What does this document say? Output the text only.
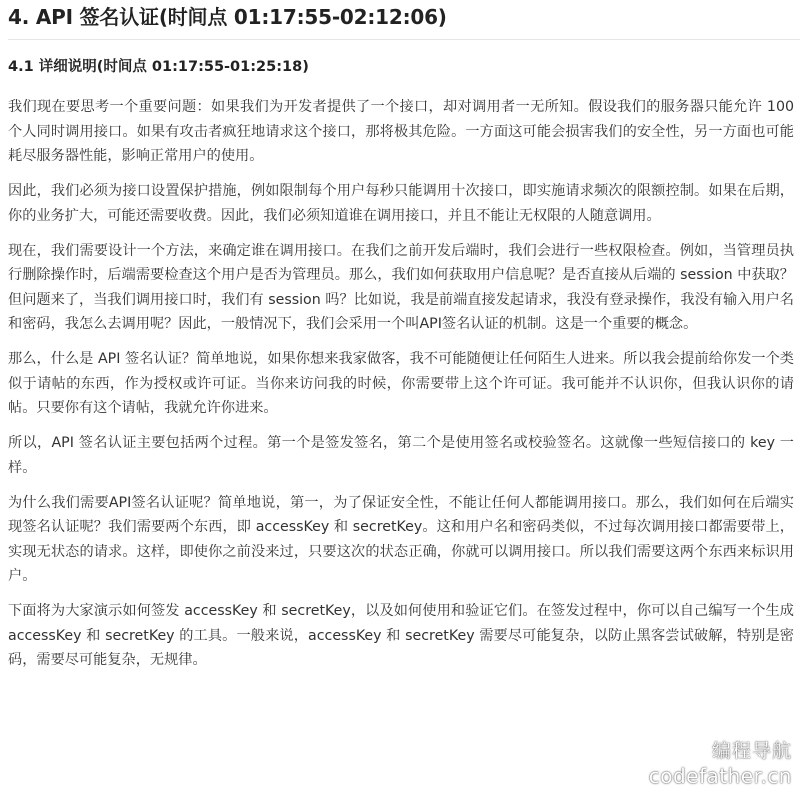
4. API 签名认证(时间点 01:17:55-02:12:06)
4.1 详细说明(时间点 01:17:55-01:25:18)

我们现在要思考一个重要问题：如果我们为开发者提供了一个接口，却对调用者一无所知。假设我们的服务器只能允许 100 个人同时调用接口。如果有攻击者疯狂地请求这个接口，那将极其危险。一方面这可能会损害我们的安全性，另一方面也可能耗尽服务器性能，影响正常用户的使用。

因此，我们必须为接口设置保护措施，例如限制每个用户每秒只能调用十次接口，即实施请求频次的限额控制。如果在后期，你的业务扩大，可能还需要收费。因此，我们必须知道谁在调用接口，并且不能让无权限的人随意调用。

现在，我们需要设计一个方法，来确定谁在调用接口。在我们之前开发后端时，我们会进行一些权限检查。例如，当管理员执行删除操作时，后端需要检查这个用户是否为管理员。那么，我们如何获取用户信息呢？是否直接从后端的 session 中获取？但问题来了，当我们调用接口时，我们有 session 吗？比如说，我是前端直接发起请求，我没有登录操作，我没有输入用户名和密码，我怎么去调用呢？因此，一般情况下，我们会采用一个叫API签名认证的机制。这是一个重要的概念。

那么，什么是 API 签名认证？简单地说，如果你想来我家做客，我不可能随便让任何陌生人进来。所以我会提前给你发一个类似于请帖的东西，作为授权或许可证。当你来访问我的时候，你需要带上这个许可证。我可能并不认识你，但我认识你的请帖。只要你有这个请帖，我就允许你进来。

所以，API 签名认证主要包括两个过程。第一个是签发签名，第二个是使用签名或校验签名。这就像一些短信接口的 key 一样。

为什么我们需要API签名认证呢？简单地说，第一，为了保证安全性，不能让任何人都能调用接口。那么，我们如何在后端实现签名认证呢？我们需要两个东西，即 accessKey 和 secretKey。这和用户名和密码类似，不过每次调用接口都需要带上，实现无状态的请求。这样，即使你之前没来过，只要这次的状态正确，你就可以调用接口。所以我们需要这两个东西来标识用户。

下面将为大家演示如何签发 accessKey 和 secretKey，以及如何使用和验证它们。在签发过程中，你可以自己编写一个生成 accessKey 和 secretKey 的工具。一般来说，accessKey 和 secretKey 需要尽可能复杂，以防止黑客尝试破解，特别是密码，需要尽可能复杂，无规律。

编程导航
codefather.cn
